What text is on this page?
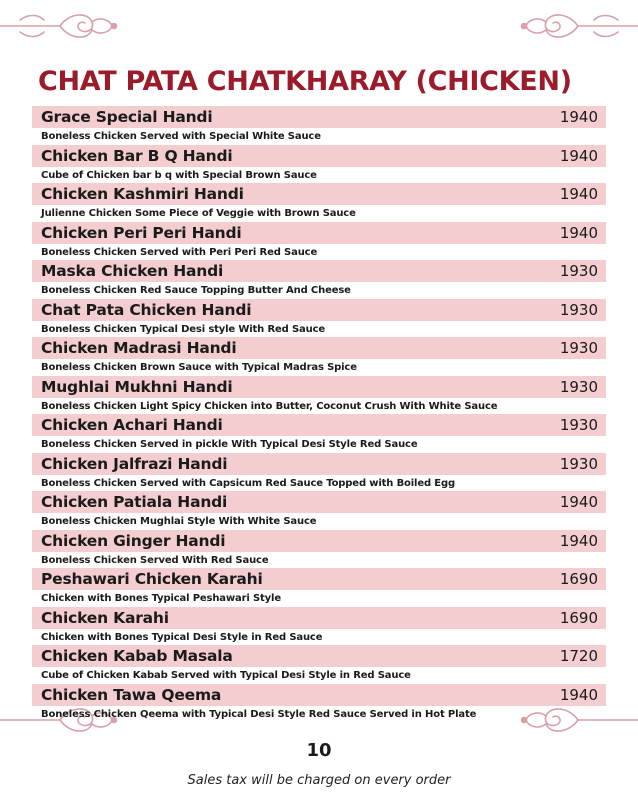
CHAT PATA CHATKHARAY (CHICKEN)
Grace Special Handi	1940
Boneless Chicken Served with Special White Sauce
Chicken Bar B Q Handi	1940
Cube of Chicken bar b q with Special Brown Sauce
Chicken Kashmiri Handi	1940
Julienne Chicken Some Piece of Veggie with Brown Sauce
Chicken Peri Peri Handi	1940
Boneless Chicken Served with Peri Peri Red Sauce
Maska Chicken Handi	1930
Boneless Chicken Red Sauce Topping Butter And Cheese
Chat Pata Chicken Handi	1930
Boneless Chicken Typical Desi style With Red Sauce
Chicken Madrasi Handi	1930
Boneless Chicken Brown Sauce with Typical Madras Spice
Mughlai Mukhni Handi	1930
Boneless Chicken Light Spicy Chicken into Butter, Coconut Crush With White Sauce
Chicken Achari Handi	1930
Boneless Chicken Served in pickle With Typical Desi Style Red Sauce
Chicken Jalfrazi Handi	1930
Boneless Chicken Served with Capsicum Red Sauce Topped with Boiled Egg
Chicken Patiala Handi	1940
Boneless Chicken Mughlai Style With White Sauce
Chicken Ginger Handi	1940
Boneless Chicken Served With Red Sauce
Peshawari Chicken Karahi	1690
Chicken with Bones Typical Peshawari Style
Chicken Karahi	1690
Chicken with Bones Typical Desi Style in Red Sauce
Chicken Kabab Masala	1720
Cube of Chicken Kabab Served with Typical Desi Style in Red Sauce
Chicken Tawa Qeema	1940
Boneless Chicken Qeema with Typical Desi Style Red Sauce Served in Hot Plate
10
Sales tax will be charged on every order
